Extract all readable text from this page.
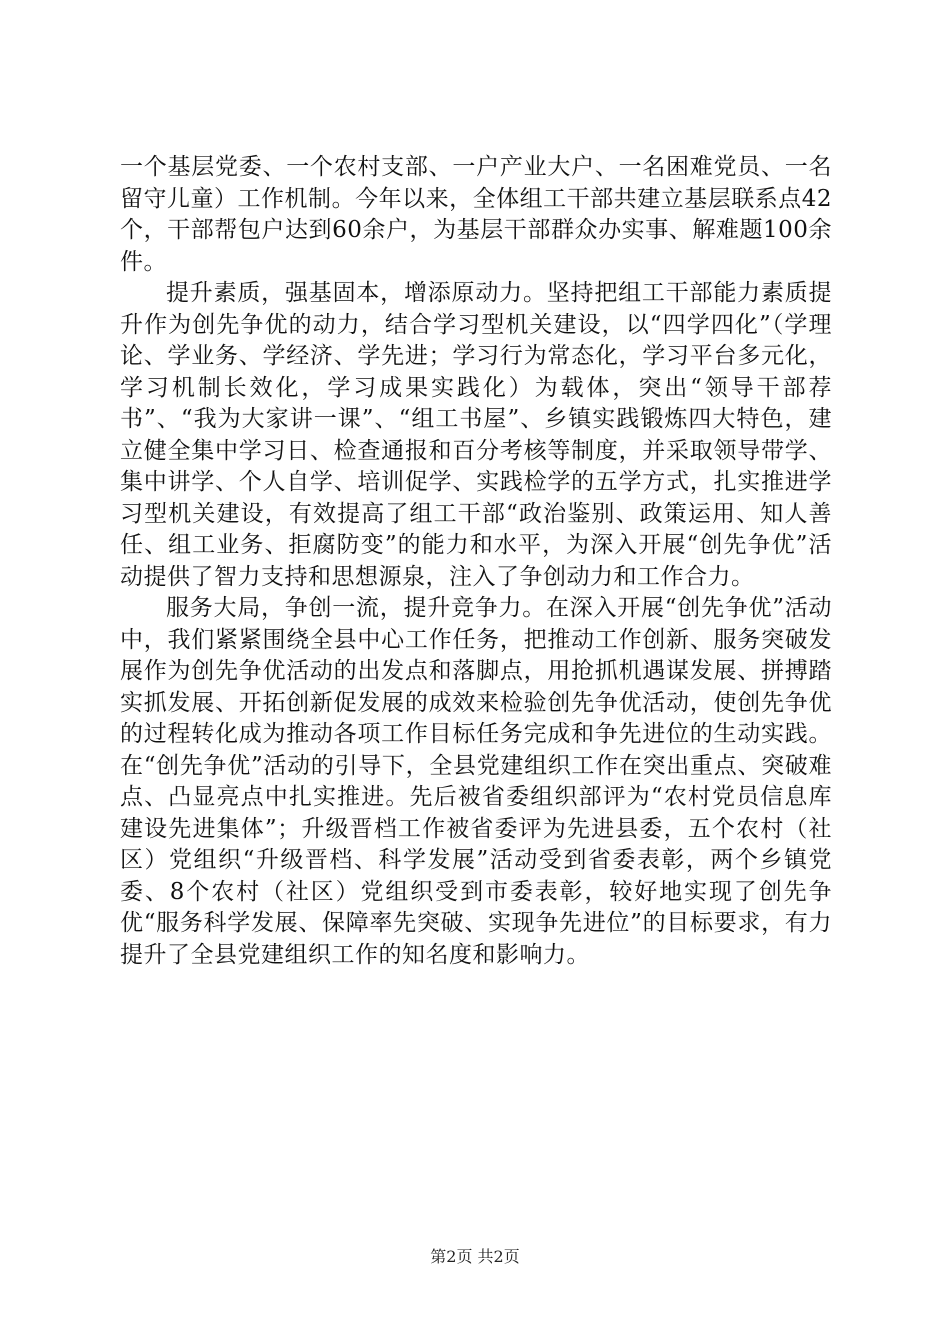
一个基层党委、一个农村支部、一户产业大户、一名困难党员、一名留守儿童）工作机制。今年以来，全体组工干部共建立基层联系点42个，干部帮包户达到60余户，为基层干部群众办实事、解难题100余件。

提升素质，强基固本，增添原动力。坚持把组工干部能力素质提升作为创先争优的动力，结合学习型机关建设，以“四学四化”（学理论、学业务、学经济、学先进；学习行为常态化，学习平台多元化，学习机制长效化，学习成果实践化）为载体，突出“领导干部荐书”、“我为大家讲一课”、“组工书屋”、乡镇实践锻炼四大特色，建立健全集中学习日、检查通报和百分考核等制度，并采取领导带学、集中讲学、个人自学、培训促学、实践检学的五学方式，扎实推进学习型机关建设，有效提高了组工干部“政治鉴别、政策运用、知人善任、组工业务、拒腐防变”的能力和水平，为深入开展“创先争优”活动提供了智力支持和思想源泉，注入了争创动力和工作合力。

服务大局，争创一流，提升竞争力。在深入开展“创先争优”活动中，我们紧紧围绕全县中心工作任务，把推动工作创新、服务突破发展作为创先争优活动的出发点和落脚点，用抢抓机遇谋发展、拼搏踏实抓发展、开拓创新促发展的成效来检验创先争优活动，使创先争优的过程转化成为推动各项工作目标任务完成和争先进位的生动实践。在“创先争优”活动的引导下，全县党建组织工作在突出重点、突破难点、凸显亮点中扎实推进。先后被省委组织部评为“农村党员信息库建设先进集体”；升级晋档工作被省委评为先进县委，五个农村（社区）党组织“升级晋档、科学发展”活动受到省委表彰，两个乡镇党委、8个农村（社区）党组织受到市委表彰，较好地实现了创先争优“服务科学发展、保障率先突破、实现争先进位”的目标要求，有力提升了全县党建组织工作的知名度和影响力。

第2页 共2页
